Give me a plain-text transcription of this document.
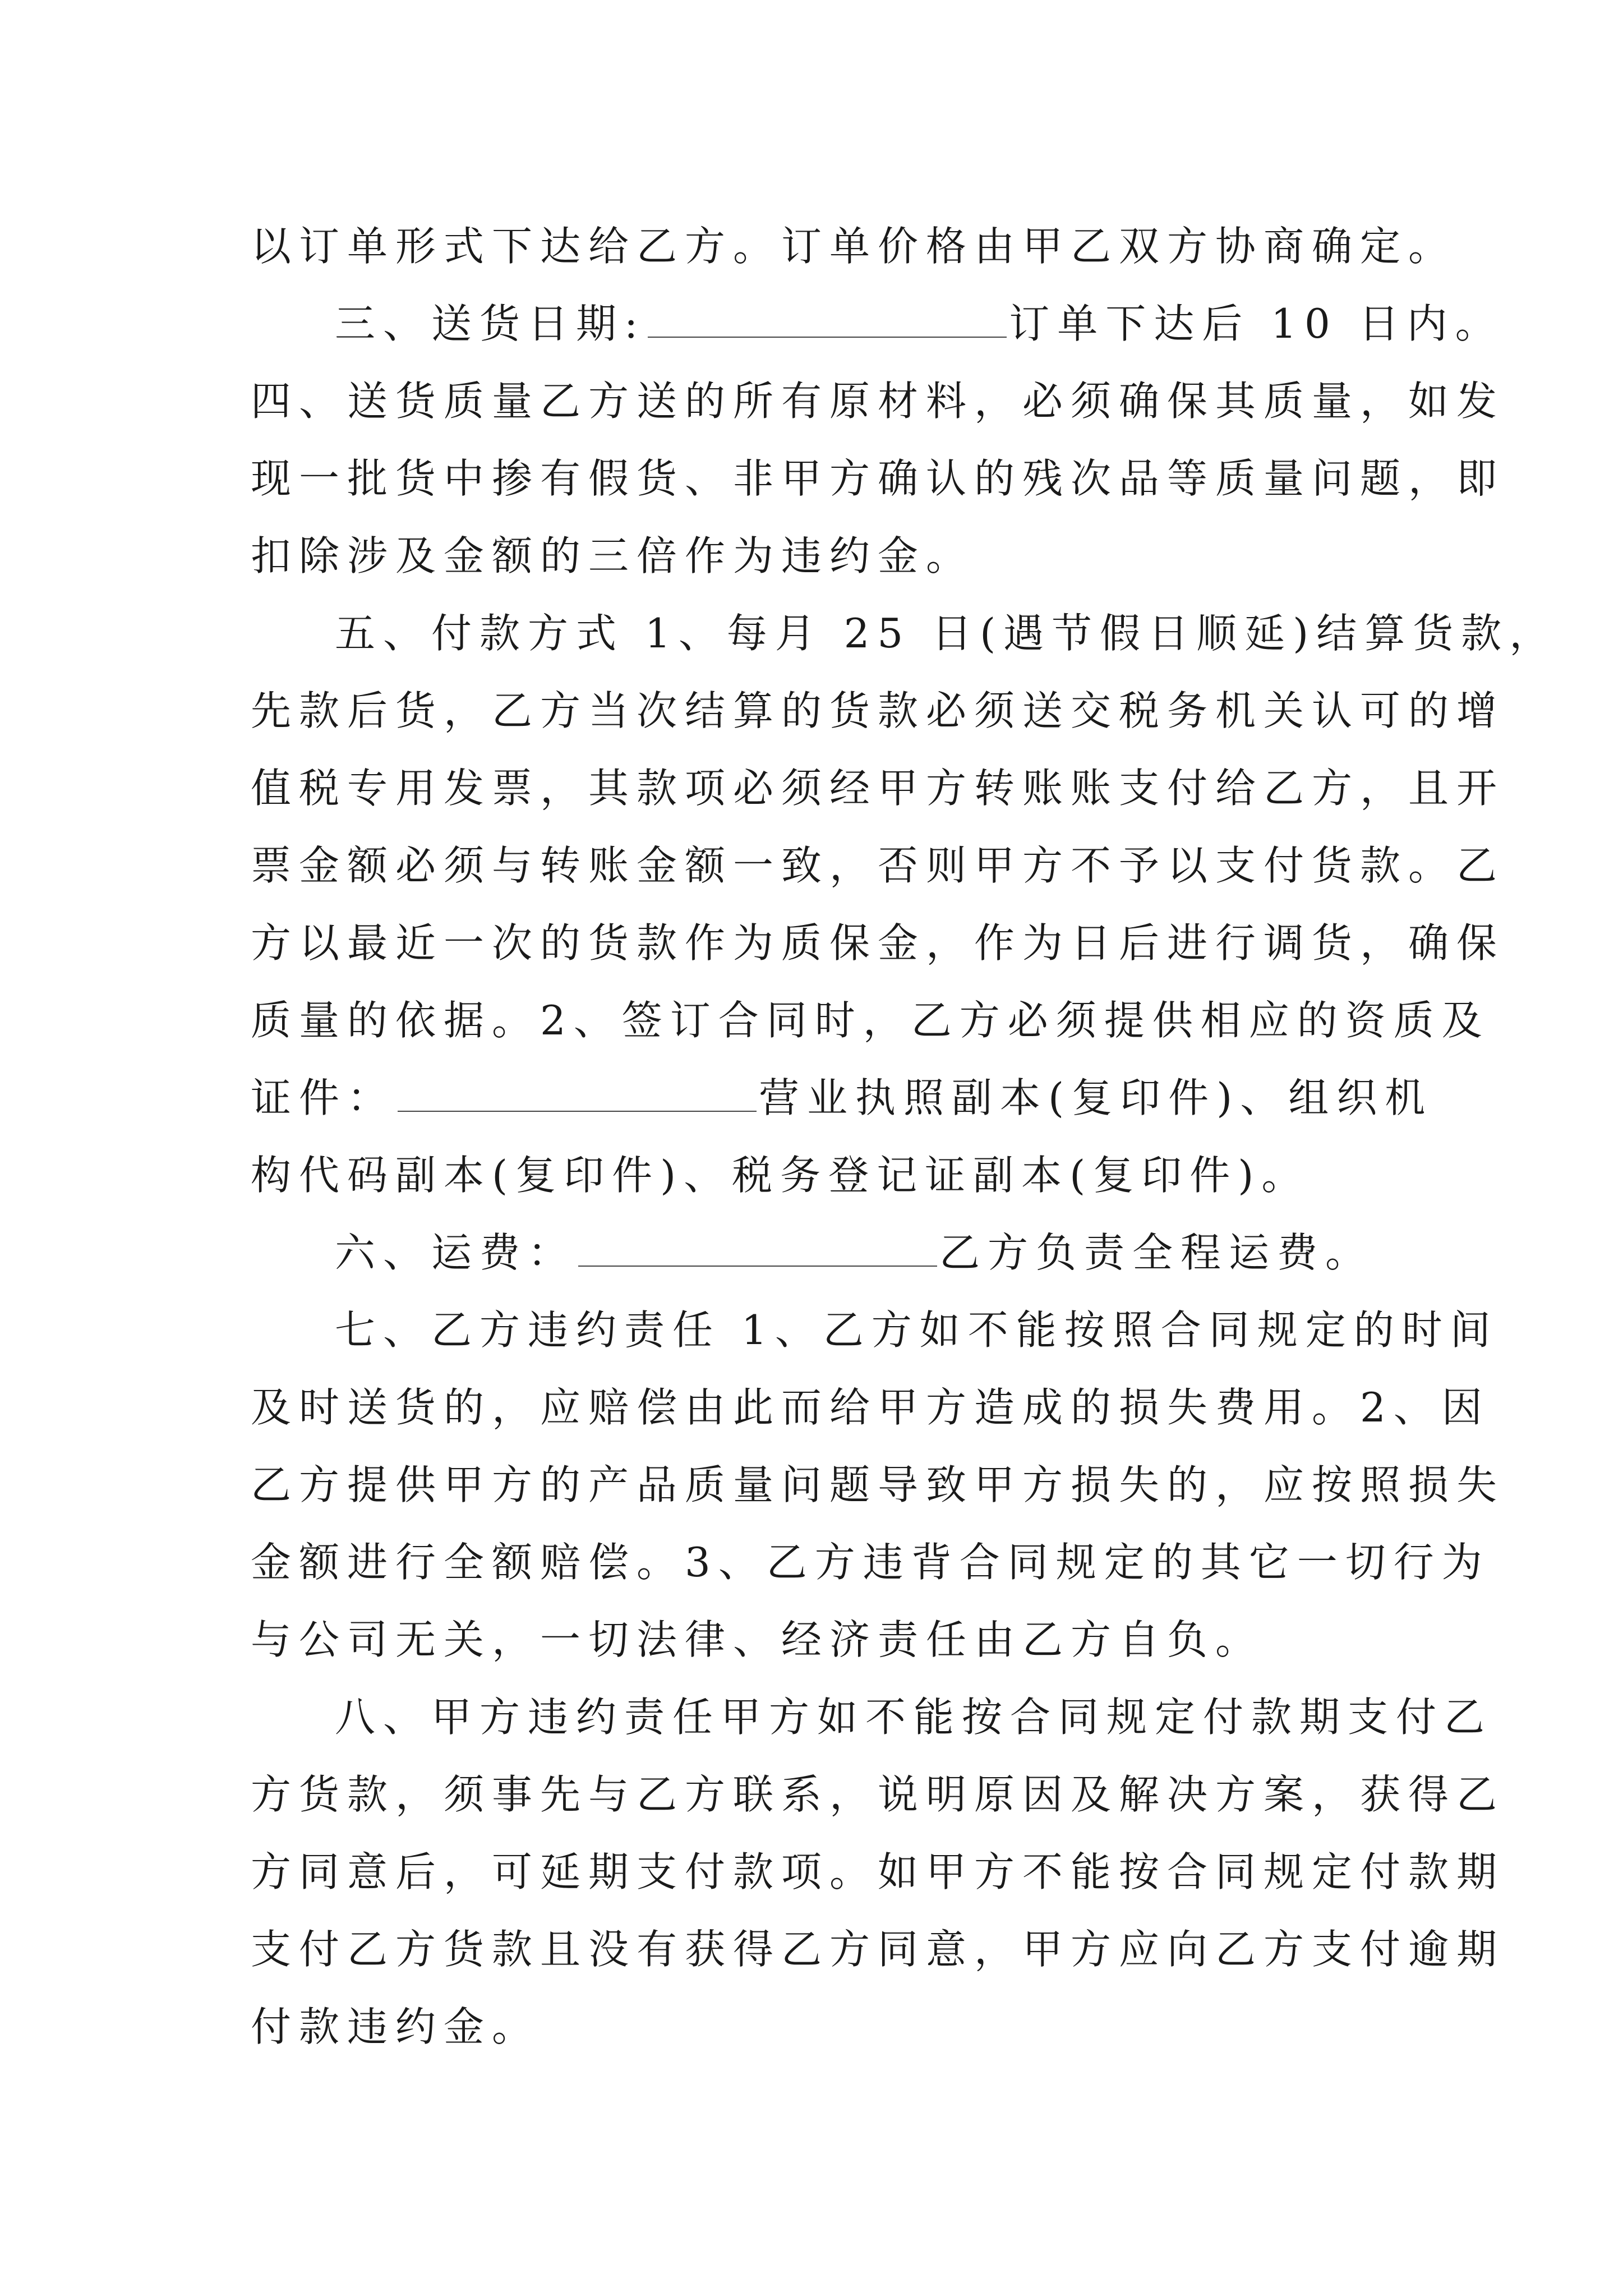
以订单形式下达给乙方。订单价格由甲乙双方协商确定。
三、送货日期:	订单下达后 10 日内。
四、送货质量乙方送的所有原材料，必须确保其质量，如发
现一批货中掺有假货、非甲方确认的残次品等质量问题，即
扣除涉及金额的三倍作为违约金。
五、付款方式 1、每月 25 日(遇节假日顺延)结算货款，
先款后货，乙方当次结算的货款必须送交税务机关认可的增
值税专用发票，其款项必须经甲方转账账支付给乙方，且开
票金额必须与转账金额一致，否则甲方不予以支付货款。乙
方以最近一次的货款作为质保金，作为日后进行调货，确保
质量的依据。2、签订合同时，乙方必须提供相应的资质及
证件：	营业执照副本(复印件)、组织机
构代码副本(复印件)、税务登记证副本(复印件)。
六、运费：	乙方负责全程运费。
七、乙方违约责任 1、乙方如不能按照合同规定的时间
及时送货的，应赔偿由此而给甲方造成的损失费用。2、因
乙方提供甲方的产品质量问题导致甲方损失的，应按照损失
金额进行全额赔偿。3、乙方违背合同规定的其它一切行为
与公司无关，一切法律、经济责任由乙方自负。
八、甲方违约责任甲方如不能按合同规定付款期支付乙
方货款，须事先与乙方联系，说明原因及解决方案，获得乙
方同意后，可延期支付款项。如甲方不能按合同规定付款期
支付乙方货款且没有获得乙方同意，甲方应向乙方支付逾期
付款违约金。
